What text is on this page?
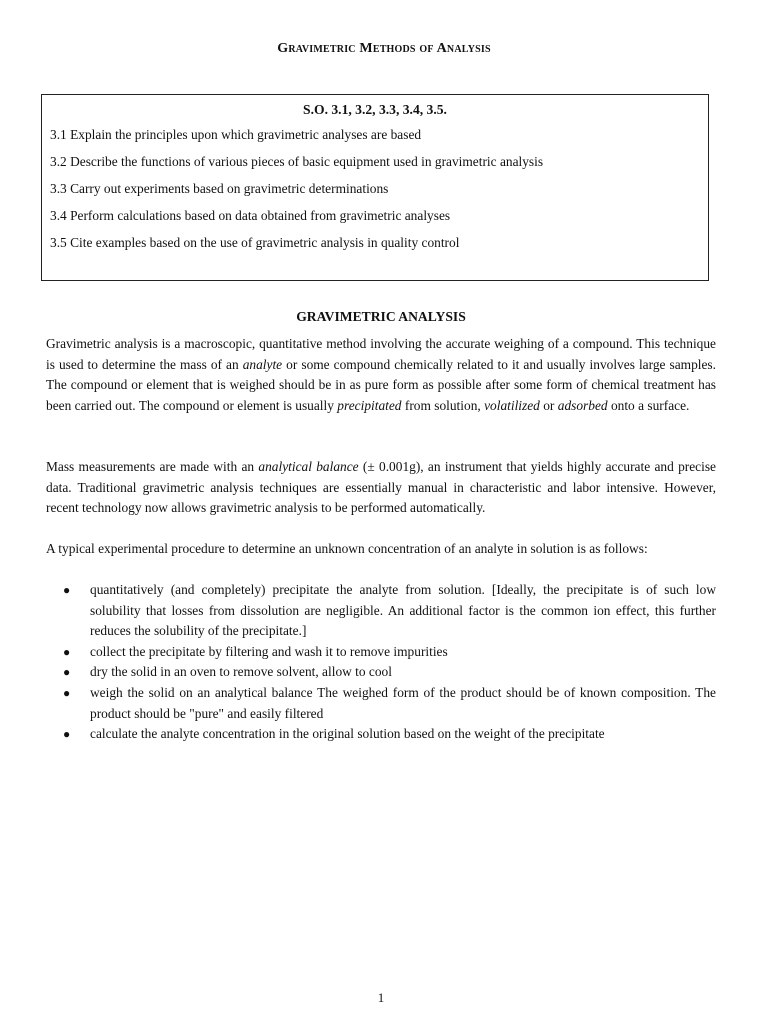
Gravimetric Methods of Analysis
S.O. 3.1, 3.2, 3.3, 3.4, 3.5.
3.1 Explain the principles upon which gravimetric analyses are based
3.2 Describe the functions of various pieces of basic equipment used in gravimetric analysis
3.3 Carry out experiments based on gravimetric determinations
3.4 Perform calculations based on data obtained from gravimetric analyses
3.5 Cite examples based on the use of gravimetric analysis in quality control
GRAVIMETRIC ANALYSIS

Gravimetric analysis is a macroscopic, quantitative method involving the accurate weighing of a compound. This technique is used to determine the mass of an analyte or some compound chemically related to it and usually involves large samples. The compound or element that is weighed should be in as pure form as possible after some form of chemical treatment has been carried out. The compound or element is usually precipitated from solution, volatilized or adsorbed onto a surface.

Mass measurements are made with an analytical balance (± 0.001g), an instrument that yields highly accurate and precise data. Traditional gravimetric analysis techniques are essentially manual in characteristic and labor intensive. However, recent technology now allows gravimetric analysis to be performed automatically.

A typical experimental procedure to determine an unknown concentration of an analyte in solution is as follows:

● quantitatively (and completely) precipitate the analyte from solution. [Ideally, the precipitate is of such low solubility that losses from dissolution are negligible. An additional factor is the common ion effect, this further reduces the solubility of the precipitate.]
● collect the precipitate by filtering and wash it to remove impurities
● dry the solid in an oven to remove solvent, allow to cool
● weigh the solid on an analytical balance The weighed form of the product should be of known composition. The product should be "pure" and easily filtered
● calculate the analyte concentration in the original solution based on the weight of the precipitate
1
